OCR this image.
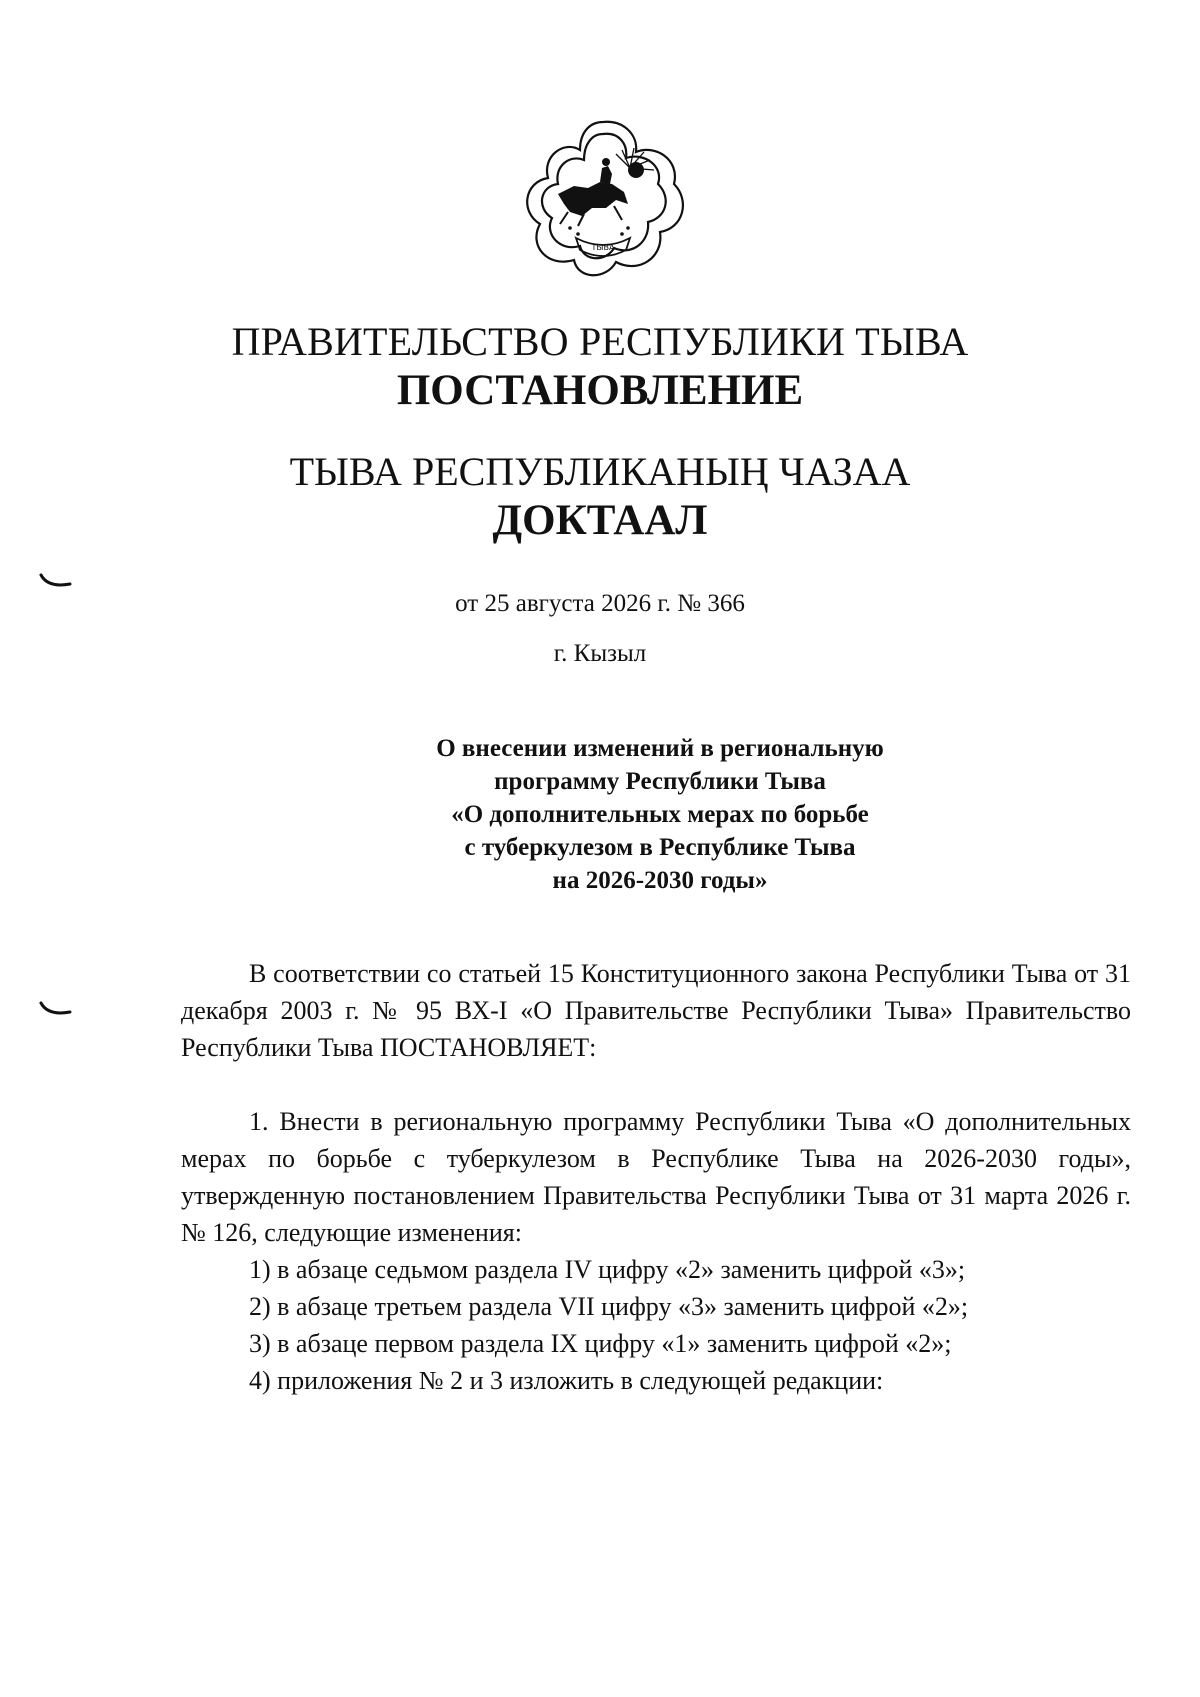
ТЫВА
ПРАВИТЕЛЬСТВО РЕСПУБЛИКИ ТЫВА
ПОСТАНОВЛЕНИЕ
ТЫВА РЕСПУБЛИКАНЫҢ ЧАЗАА
ДОКТААЛ
от 25 августа 2026 г. № 366
г. Кызыл
О внесении изменений в региональную
программу Республики Тыва
«О дополнительных мерах по борьбе
с туберкулезом в Республике Тыва
на 2026-2030 годы»
В соответствии со статьей 15 Конституционного закона Республики Тыва от 31 декабря 2003 г. № 95 ВХ-I «О Правительстве Республики Тыва» Правительство Республики Тыва ПОСТАНОВЛЯЕТ:
1. Внести в региональную программу Республики Тыва «О дополнительных мерах по борьбе с туберкулезом в Республике Тыва на 2026-2030 годы», утвержденную постановлением Правительства Республики Тыва от 31 марта 2026 г. № 126, следующие изменения:
1) в абзаце седьмом раздела IV цифру «2» заменить цифрой «3»;
2) в абзаце третьем раздела VII цифру «3» заменить цифрой «2»;
3) в абзаце первом раздела IX цифру «1» заменить цифрой «2»;
4) приложения № 2 и 3 изложить в следующей редакции:
